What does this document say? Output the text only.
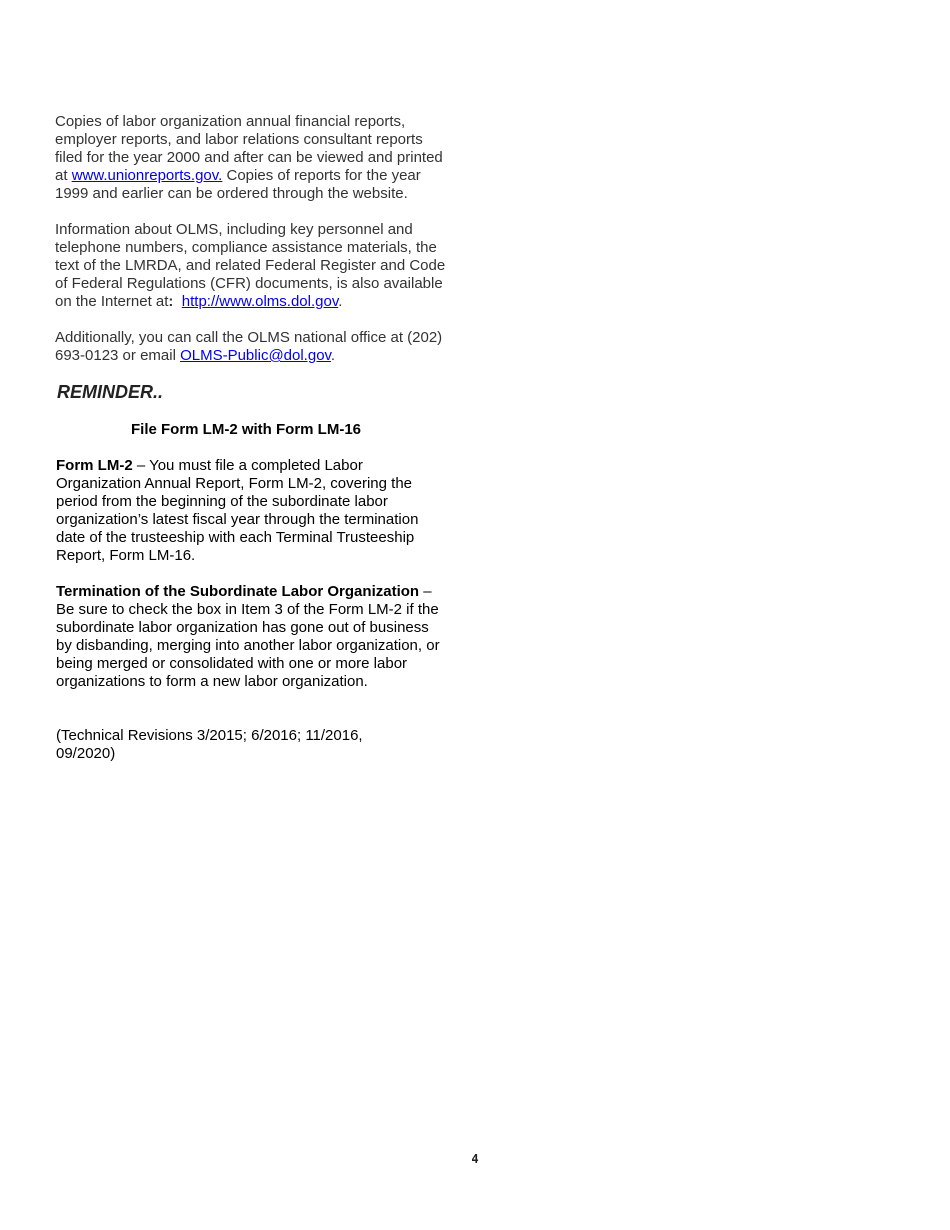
Copies of labor organization annual financial reports, employer reports, and labor relations consultant reports filed for the year 2000 and after can be viewed and printed at www.unionreports.gov. Copies of reports for the year 1999 and earlier can be ordered through the website.

Information about OLMS, including key personnel and telephone numbers, compliance assistance materials, the text of the LMRDA, and related Federal Register and Code of Federal Regulations (CFR) documents, is also available on the Internet at: http://www.olms.dol.gov.

Additionally, you can call the OLMS national office at (202) 693-0123 or email OLMS-Public@dol.gov.

REMINDER..

File Form LM-2 with Form LM-16

Form LM-2 – You must file a completed Labor Organization Annual Report, Form LM-2, covering the period from the beginning of the subordinate labor organization’s latest fiscal year through the termination date of the trusteeship with each Terminal Trusteeship Report, Form LM-16.

Termination of the Subordinate Labor Organization – Be sure to check the box in Item 3 of the Form LM-2 if the subordinate labor organization has gone out of business by disbanding, merging into another labor organization, or being merged or consolidated with one or more labor organizations to form a new labor organization.

(Technical Revisions 3/2015; 6/2016; 11/2016, 09/2020)

4
